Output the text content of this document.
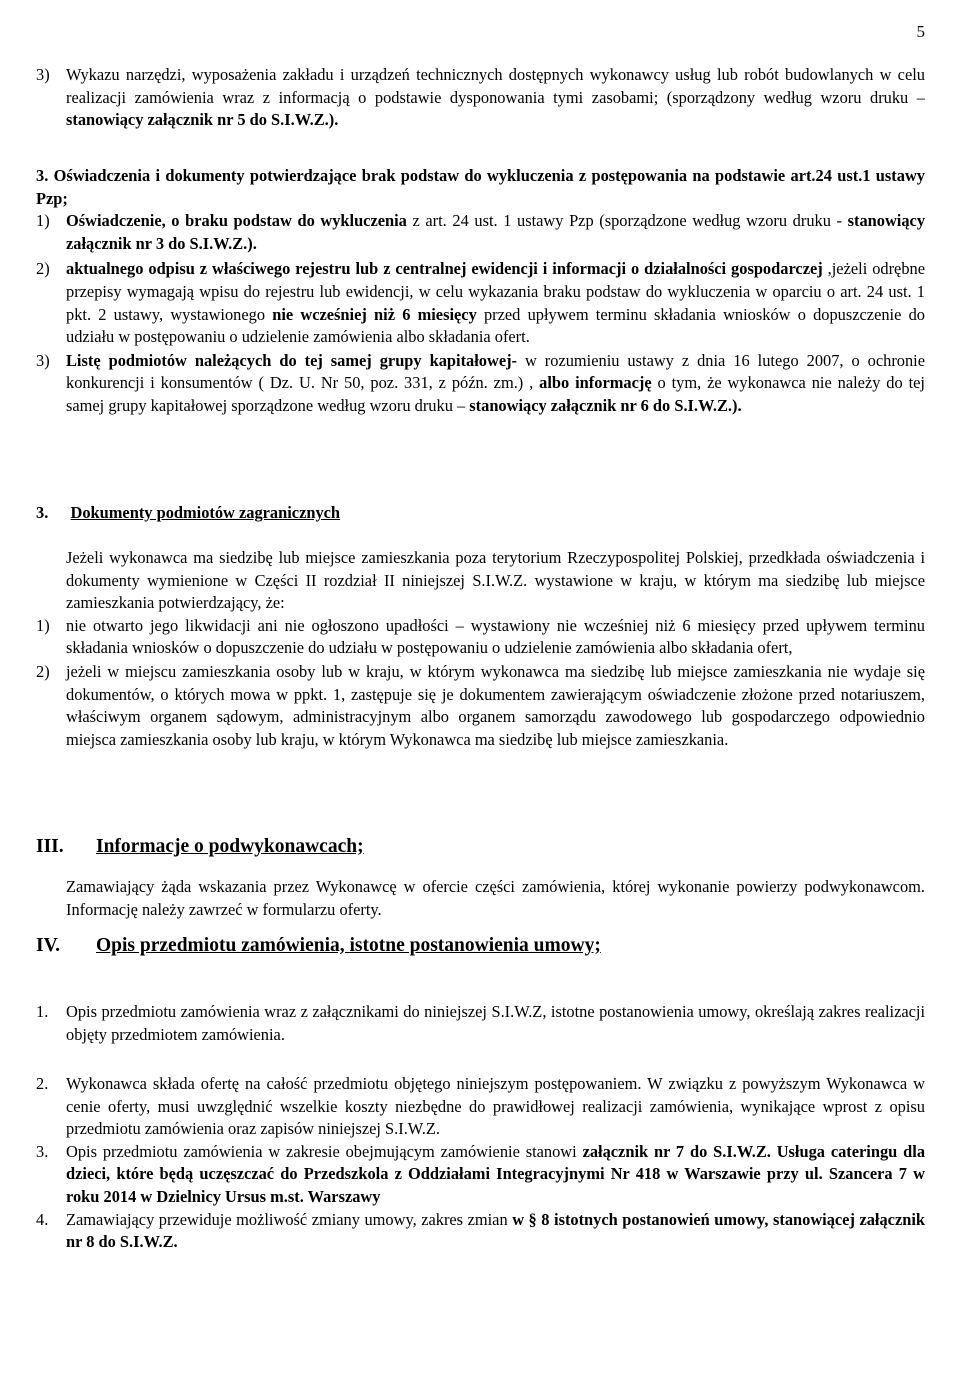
5
3) Wykazu narzędzi, wyposażenia zakładu i urządzeń technicznych dostępnych wykonawcy usług lub robót budowlanych w celu realizacji zamówienia wraz z informacją o podstawie dysponowania tymi zasobami; (sporządzony według wzoru druku – stanowiący załącznik nr 5 do S.I.W.Z.).
3. Oświadczenia i dokumenty potwierdzające brak podstaw do wykluczenia z postępowania na podstawie art.24 ust.1 ustawy Pzp;
1) Oświadczenie, o braku podstaw do wykluczenia z art. 24 ust. 1 ustawy Pzp (sporządzone według wzoru druku - stanowiący załącznik nr 3 do S.I.W.Z.).
2) aktualnego odpisu z właściwego rejestru lub z centralnej ewidencji i informacji o działalności gospodarczej ,jeżeli odrębne przepisy wymagają wpisu do rejestru lub ewidencji, w celu wykazania braku podstaw do wykluczenia w oparciu o art. 24 ust. 1 pkt. 2 ustawy, wystawionego nie wcześniej niż 6 miesięcy przed upływem terminu składania wniosków o dopuszczenie do udziału w postępowaniu o udzielenie zamówienia albo składania ofert.
3) Listę podmiotów należących do tej samej grupy kapitałowej- w rozumieniu ustawy z dnia 16 lutego 2007, o ochronie konkurencji i konsumentów ( Dz. U. Nr 50, poz. 331, z późn. zm.) , albo informację o tym, że wykonawca nie należy do tej samej grupy kapitałowej sporządzone według wzoru druku – stanowiący załącznik nr 6 do S.I.W.Z.).
3. Dokumenty podmiotów zagranicznych
Jeżeli wykonawca ma siedzibę lub miejsce zamieszkania poza terytorium Rzeczypospolitej Polskiej, przedkłada oświadczenia i dokumenty wymienione w Części II rozdział II niniejszej S.I.W.Z. wystawione w kraju, w którym ma siedzibę lub miejsce zamieszkania potwierdzający, że:
1) nie otwarto jego likwidacji ani nie ogłoszono upadłości – wystawiony nie wcześniej niż 6 miesięcy przed upływem terminu składania wniosków o dopuszczenie do udziału w postępowaniu o udzielenie zamówienia albo składania ofert,
2) jeżeli w miejscu zamieszkania osoby lub w kraju, w którym wykonawca ma siedzibę lub miejsce zamieszkania nie wydaje się dokumentów, o których mowa w ppkt. 1, zastępuje się je dokumentem zawierającym oświadczenie złożone przed notariuszem, właściwym organem sądowym, administracyjnym albo organem samorządu zawodowego lub gospodarczego odpowiednio miejsca zamieszkania osoby lub kraju, w którym Wykonawca ma siedzibę lub miejsce zamieszkania.
III. Informacje o podwykonawcach;
Zamawiający żąda wskazania przez Wykonawcę w ofercie części zamówienia, której wykonanie powierzy podwykonawcom. Informację należy zawrzeć w formularzu oferty.
IV. Opis przedmiotu zamówienia, istotne postanowienia umowy;
1.	Opis przedmiotu zamówienia wraz z załącznikami do niniejszej S.I.W.Z, istotne postanowienia umowy, określają zakres realizacji objęty przedmiotem zamówienia.
2.	Wykonawca składa ofertę na całość przedmiotu objętego niniejszym postępowaniem. W związku z powyższym Wykonawca w cenie oferty, musi uwzględnić wszelkie koszty niezbędne do prawidłowej realizacji zamówienia, wynikające wprost z opisu przedmiotu zamówienia oraz zapisów niniejszej S.I.W.Z.
3.	Opis przedmiotu zamówienia w zakresie obejmującym zamówienie stanowi załącznik nr 7 do S.I.W.Z. Usługa cateringu dla dzieci, które będą uczęszczać do Przedszkola z Oddziałami Integracyjnymi Nr 418 w Warszawie przy ul. Szancera 7 w roku 2014 w Dzielnicy Ursus m.st. Warszawy
4.	Zamawiający przewiduje możliwość zmiany umowy, zakres zmian w § 8 istotnych postanowień umowy, stanowiącej załącznik nr 8 do S.I.W.Z.
